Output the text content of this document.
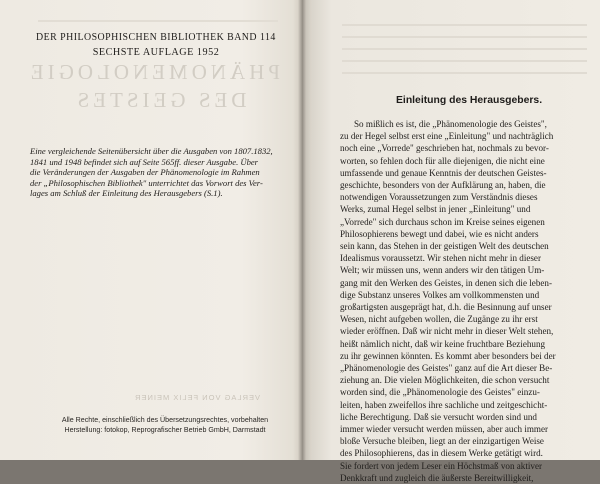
DER PHILOSOPHISCHEN BIBLIOTHEK BAND 114
SECHSTE AUFLAGE 1952
PHÄNOMENOLOGIE
DES GEISTES
Eine vergleichende Seitenübersicht über die Ausgaben von 1807.1832,
1841 und 1948 befindet sich auf Seite 565ff. dieser Ausgabe. Über
die Veränderungen der Ausgaben der Phänomenologie im Rahmen
der „Philosophischen Bibliothek" unterrichtet das Vorwort des Ver-
lages am Schluß der Einleitung des Herausgebers (S.1).
VERLAG VON FELIX MEINER
Alle Rechte, einschließlich des Übersetzungsrechtes, vorbehalten
Herstellung: fotokop, Reprografischer Betrieb GmbH, Darmstadt
Einleitung des Herausgebers.
So mißlich es ist, die „Phänomenologie des Geistes",
zu der Hegel selbst erst eine „Einleitung" und nachträglich
noch eine „Vorrede" geschrieben hat, nochmals zu bevor-
worten, so fehlen doch für alle diejenigen, die nicht eine
umfassende und genaue Kenntnis der deutschen Geistes-
geschichte, besonders von der Aufklärung an, haben, die
notwendigen Voraussetzungen zum Verständnis dieses
Werks, zumal Hegel selbst in jener „Einleitung" und
„Vorrede" sich durchaus schon im Kreise seines eigenen
Philosophierens bewegt und dabei, wie es nicht anders
sein kann, das Stehen in der geistigen Welt des deutschen
Idealismus voraussetzt. Wir stehen nicht mehr in dieser
Welt; wir müssen uns, wenn anders wir den tätigen Um-
gang mit den Werken des Geistes, in denen sich die leben-
dige Substanz unseres Volkes am vollkommensten und
großartigsten ausgeprägt hat, d.h. die Besinnung auf unser
Wesen, nicht aufgeben wollen, die Zugänge zu ihr erst
wieder eröffnen. Daß wir nicht mehr in dieser Welt stehen,
heißt nämlich nicht, daß wir keine fruchtbare Beziehung
zu ihr gewinnen könnten. Es kommt aber besonders bei der
„Phänomenologie des Geistes" ganz auf die Art dieser Be-
ziehung an. Die vielen Möglichkeiten, die schon versucht
worden sind, die „Phänomenologie des Geistes" einzu-
leiten, haben zweifellos ihre sachliche und zeitgeschicht-
liche Berechtigung. Daß sie versucht worden sind und
immer wieder versucht werden müssen, aber auch immer
bloße Versuche bleiben, liegt an der einzigartigen Weise
des Philosophierens, das in diesem Werke getätigt wird.
Sie fordert von jedem Leser ein Höchstmaß von aktiver
Denkkraft und zugleich die äußerste Bereitwilligkeit,
